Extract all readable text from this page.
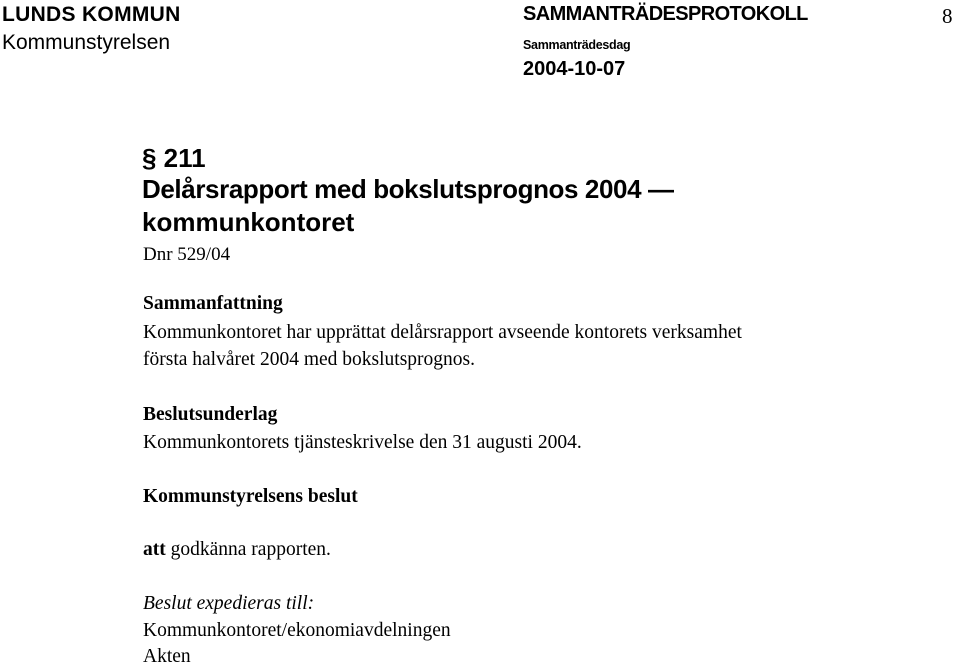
LUNDS KOMMUN
Kommunstyrelsen
SAMMANTRÄDESPROTOKOLL
Sammanträdesdag
2004-10-07
8
§ 211
Delårsrapport med bokslutsprognos 2004 —
kommunkontoret
Dnr 529/04
Sammanfattning
Kommunkontoret har upprättat delårsrapport avseende kontorets verksamhet
första halvåret 2004 med bokslutsprognos.
Beslutsunderlag
Kommunkontorets tjänsteskrivelse den 31 augusti 2004.
Kommunstyrelsens beslut
att godkänna rapporten.
Beslut expedieras till:
Kommunkontoret/ekonomiavdelningen
Akten
